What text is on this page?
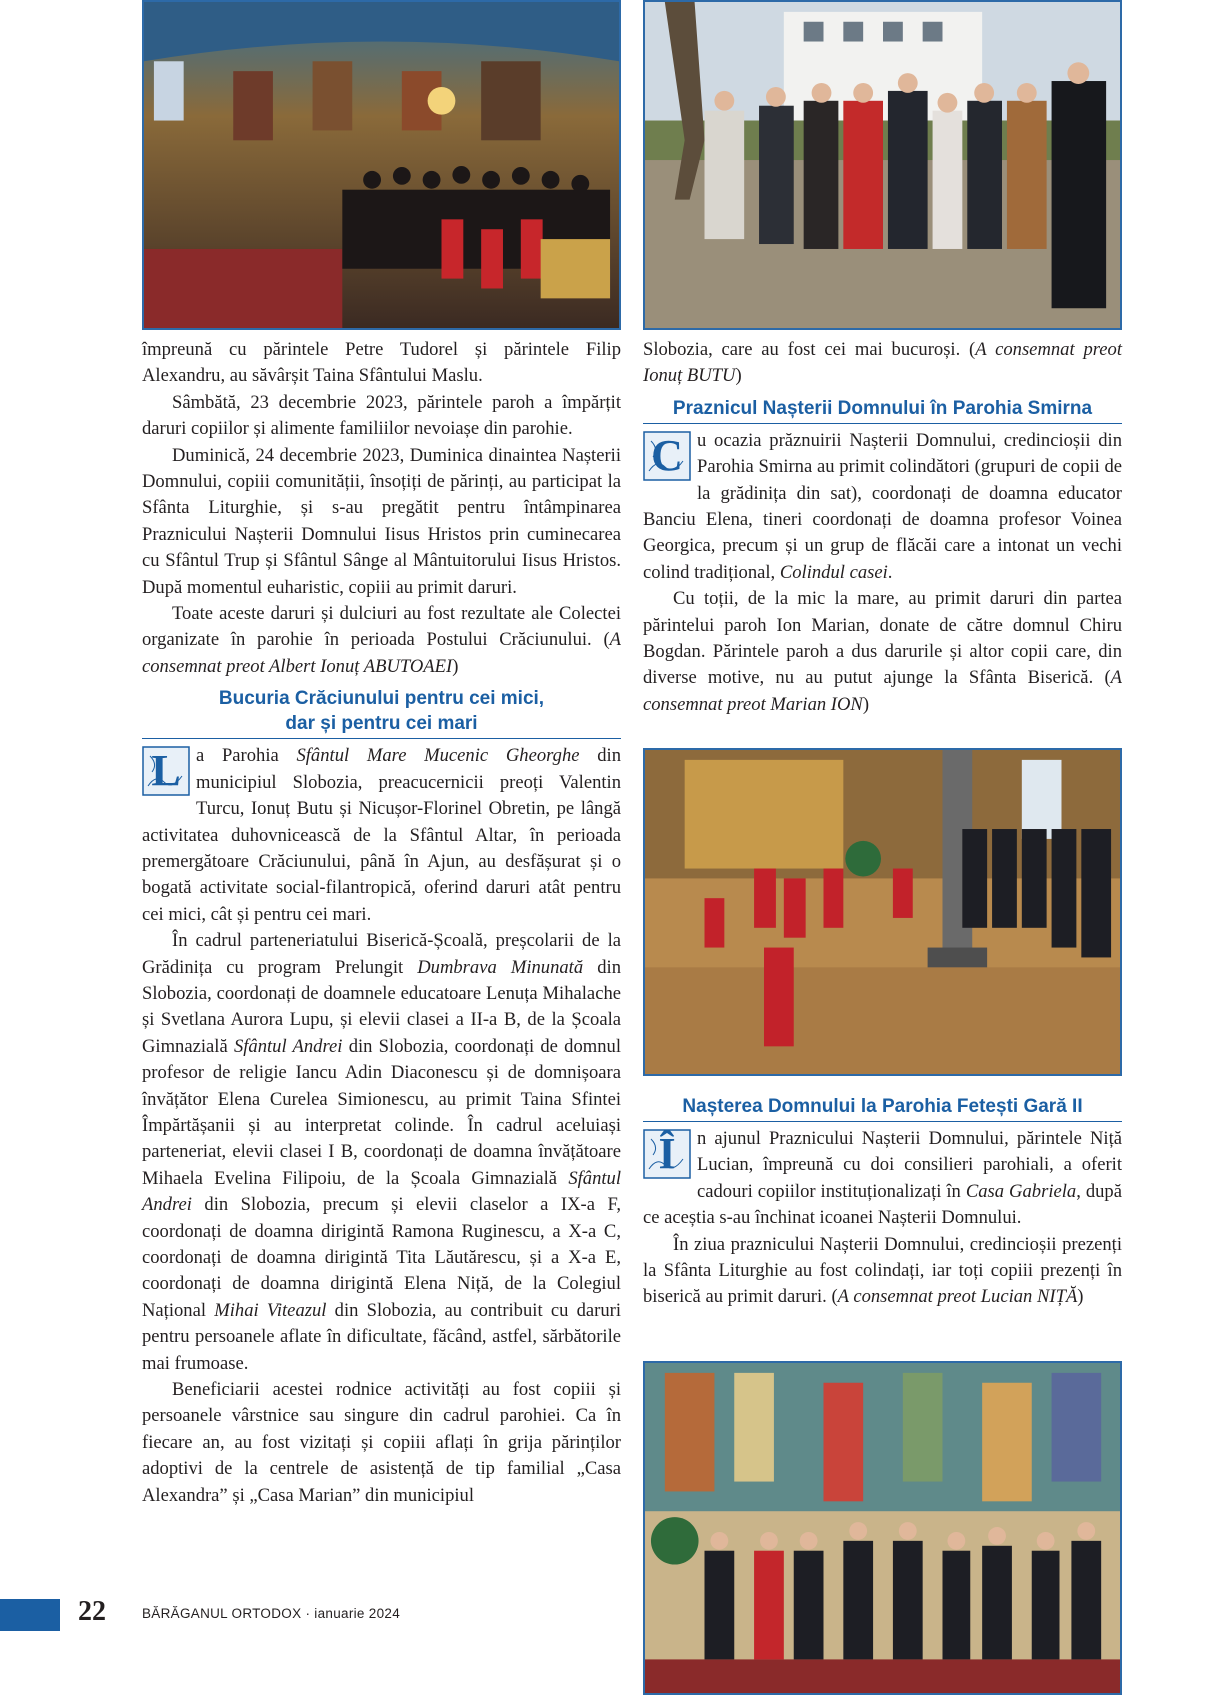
împreună cu părintele Petre Tudorel și părintele Filip Alexandru, au săvârșit Taina Sfântului Maslu.

Sâmbătă, 23 decembrie 2023, părintele paroh a împărțit daruri copiilor și alimente familiilor nevoiașe din parohie.

Duminică, 24 decembrie 2023, Duminica dinaintea Nașterii Domnului, copiii comunității, însoțiți de părinți, au participat la Sfânta Liturghie, și s-au pregătit pentru întâmpinarea Praznicului Nașterii Domnului Iisus Hristos prin cuminecarea cu Sfântul Trup și Sfântul Sânge al Mântuitorului Iisus Hristos. După momentul euharistic, copiii au primit daruri.

Toate aceste daruri și dulciuri au fost rezultate ale Colectei organizate în parohie în perioada Postului Crăciunului. (A consemnat preot Albert Ionuț ABUTOAEI)

Bucuria Crăciunului pentru cei mici,
dar și pentru cei mari

L a Parohia Sfântul Mare Mucenic Gheorghe din municipiul Slobozia, preacucernicii preoți Valentin Turcu, Ionuț Butu și Nicușor-Florinel Obretin, pe lângă activitatea duhovnicească de la Sfântul Altar, în perioada premergătoare Crăciunului, până în Ajun, au desfășurat și o bogată activitate social-filantropică, oferind daruri atât pentru cei mici, cât și pentru cei mari.

În cadrul parteneriatului Biserică-Școală, preșcolarii de la Grădinița cu program Prelungit Dumbrava Minunată din Slobozia, coordonați de doamnele educatoare Lenuța Mihalache și Svetlana Aurora Lupu, și elevii clasei a II-a B, de la Școala Gimnazială Sfântul Andrei din Slobozia, coordonați de domnul profesor de religie Iancu Adin Diaconescu și de domnișoara învățător Elena Curelea Simionescu, au primit Taina Sfintei Împărtășanii și au interpretat colinde. În cadrul aceluiași parteneriat, elevii clasei I B, coordonați de doamna învățătoare Mihaela Evelina Filipoiu, de la Școala Gimnazială Sfântul Andrei din Slobozia, precum și elevii claselor a IX-a F, coordonați de doamna dirigintă Ramona Ruginescu, a X-a C, coordonați de doamna dirigintă Tita Lăutărescu, și a X-a E, coordonați de doamna dirigintă Elena Niță, de la Colegiul Național Mihai Viteazul din Slobozia, au contribuit cu daruri pentru persoanele aflate în dificultate, făcând, astfel, sărbătorile mai frumoase.

Beneficiarii acestei rodnice activități au fost copiii și persoanele vârstnice sau singure din cadrul parohiei. Ca în fiecare an, au fost vizitați și copiii aflați în grija părinților adoptivi de la centrele de asistență de tip familial „Casa Alexandra” și „Casa Marian” din municipiul

Slobozia, care au fost cei mai bucuroși. (A consemnat preot Ionuț BUTU)

Praznicul Nașterii Domnului în Parohia Smirna

C u ocazia prăznuirii Nașterii Domnului, credincioșii din Parohia Smirna au primit colindători (grupuri de copii de la grădinița din sat), coordonați de doamna educator Banciu Elena, tineri coordonați de doamna profesor Voinea Georgica, precum și un grup de flăcăi care a intonat un vechi colind tradițional, Colindul casei.

Cu toții, de la mic la mare, au primit daruri din partea părintelui paroh Ion Marian, donate de către domnul Chiru Bogdan. Părintele paroh a dus darurile și altor copii care, din diverse motive, nu au putut ajunge la Sfânta Biserică. (A consemnat preot Marian ION)

Nașterea Domnului la Parohia Fetești Gară II

Î	n ajunul Praznicului Nașterii Domnului, părintele Niță Lucian, împreună cu doi consilieri parohiali, a oferit cadouri copiilor instituționalizați în Casa Gabriela, după ce aceștia s-au închinat icoanei Nașterii Domnului.

În ziua praznicului Nașterii Domnului, credincioșii prezenți la Sfânta Liturghie au fost colindați, iar toți copiii prezenți în biserică au primit daruri. (A consemnat preot Lucian NIȚĂ)

22	BĂRĂGANUL ORTODOX · ianuarie 2024
